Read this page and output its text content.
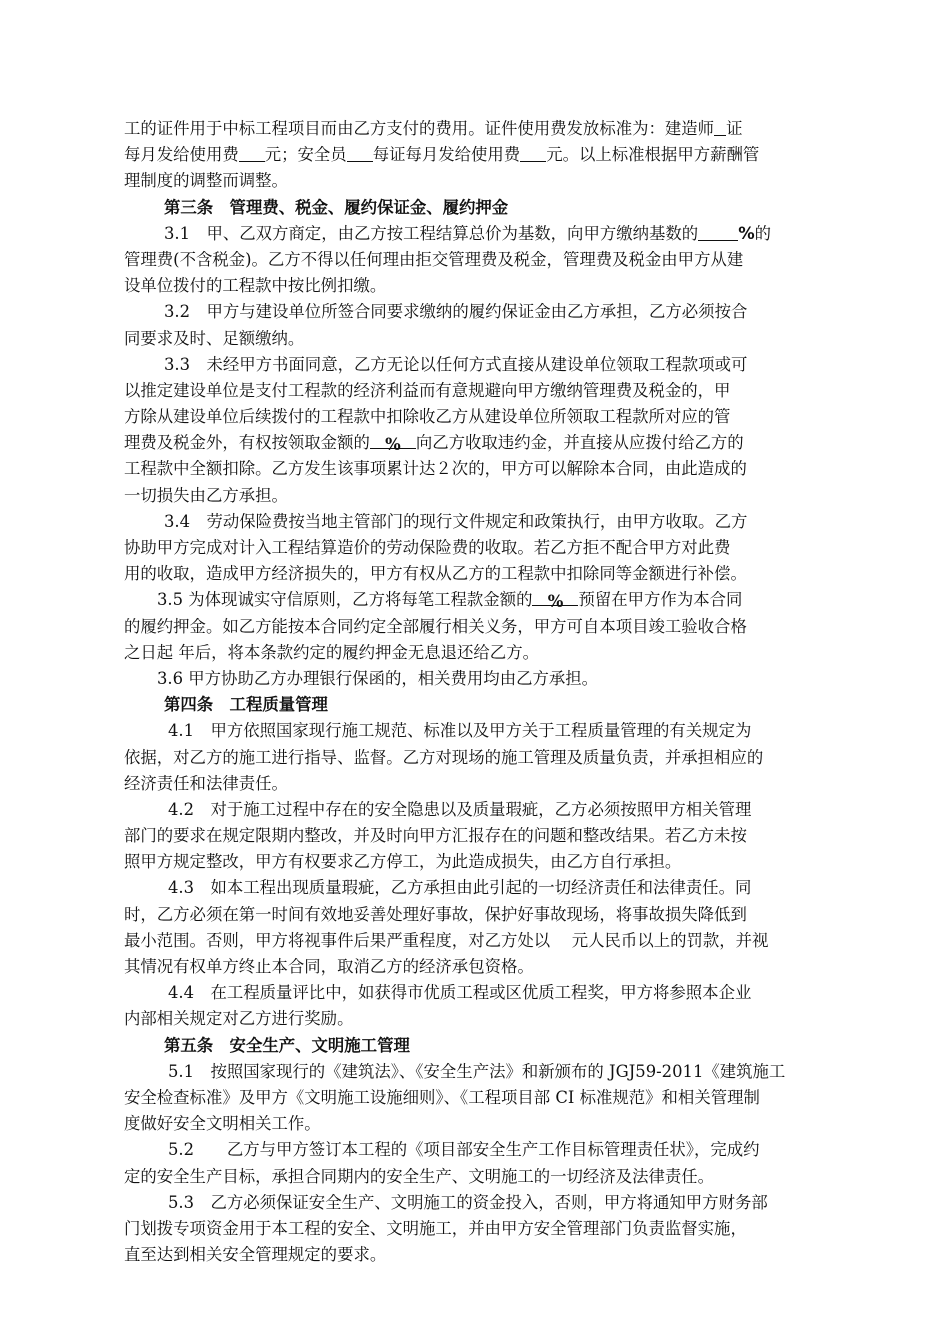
工的证件用于中标工程项目而由乙方支付的费用。证件使用费发放标准为：建造师 证
每月发给使用费 元；安全员 每证每月发给使用费 元。以上标准根据甲方薪酬管
理制度的调整而调整。
第三条　管理费、税金、履约保证金、履约押金
3.1　甲、乙双方商定，由乙方按工程结算总价为基数，向甲方缴纳基数的 %的
管理费(不含税金)。乙方不得以任何理由拒交管理费及税金，管理费及税金由甲方从建
设单位拨付的工程款中按比例扣缴。
3.2　甲方与建设单位所签合同要求缴纳的履约保证金由乙方承担，乙方必须按合
同要求及时、足额缴纳。
3.3　未经甲方书面同意，乙方无论以任何方式直接从建设单位领取工程款项或可
以推定建设单位是支付工程款的经济利益而有意规避向甲方缴纳管理费及税金的，甲
方除从建设单位后续拨付的工程款中扣除收乙方从建设单位所领取工程款所对应的管
理费及税金外，有权按领取金额的 % 向乙方收取违约金，并直接从应拨付给乙方的
工程款中全额扣除。乙方发生该事项累计达２次的，甲方可以解除本合同，由此造成的
一切损失由乙方承担。
3.4　劳动保险费按当地主管部门的现行文件规定和政策执行，由甲方收取。乙方
协助甲方完成对计入工程结算造价的劳动保险费的收取。若乙方拒不配合甲方对此费
用的收取，造成甲方经济损失的，甲方有权从乙方的工程款中扣除同等金额进行补偿。
3.5 为体现诚实守信原则，乙方将每笔工程款金额的 % 预留在甲方作为本合同
的履约押金。如乙方能按本合同约定全部履行相关义务，甲方可自本项目竣工验收合格
之日起 年后，将本条款约定的履约押金无息退还给乙方。
3.6 甲方协助乙方办理银行保函的，相关费用均由乙方承担。
第四条　工程质量管理
4.1　甲方依照国家现行施工规范、标准以及甲方关于工程质量管理的有关规定为
依据，对乙方的施工进行指导、监督。乙方对现场的施工管理及质量负责，并承担相应的
经济责任和法律责任。
4.2　对于施工过程中存在的安全隐患以及质量瑕疵，乙方必须按照甲方相关管理
部门的要求在规定限期内整改，并及时向甲方汇报存在的问题和整改结果。若乙方未按
照甲方规定整改，甲方有权要求乙方停工，为此造成损失，由乙方自行承担。
4.3　如本工程出现质量瑕疵，乙方承担由此引起的一切经济责任和法律责任。同
时，乙方必须在第一时间有效地妥善处理好事故，保护好事故现场，将事故损失降低到
最小范围。否则，甲方将视事件后果严重程度，对乙方处以　 元人民币以上的罚款，并视
其情况有权单方终止本合同，取消乙方的经济承包资格。
4.4　在工程质量评比中，如获得市优质工程或区优质工程奖，甲方将参照本企业
内部相关规定对乙方进行奖励。
第五条　安全生产、文明施工管理
5.1　按照国家现行的《建筑法》、《安全生产法》和新颁布的 JGJ59-2011《建筑施工
安全检查标准》及甲方《文明施工设施细则》、《工程项目部 CI 标准规范》和相关管理制
度做好安全文明相关工作。
5.2　　乙方与甲方签订本工程的《项目部安全生产工作目标管理责任状》，完成约
定的安全生产目标，承担合同期内的安全生产、文明施工的一切经济及法律责任。
5.3　乙方必须保证安全生产、文明施工的资金投入，否则，甲方将通知甲方财务部
门划拨专项资金用于本工程的安全、文明施工，并由甲方安全管理部门负责监督实施，
直至达到相关安全管理规定的要求。
